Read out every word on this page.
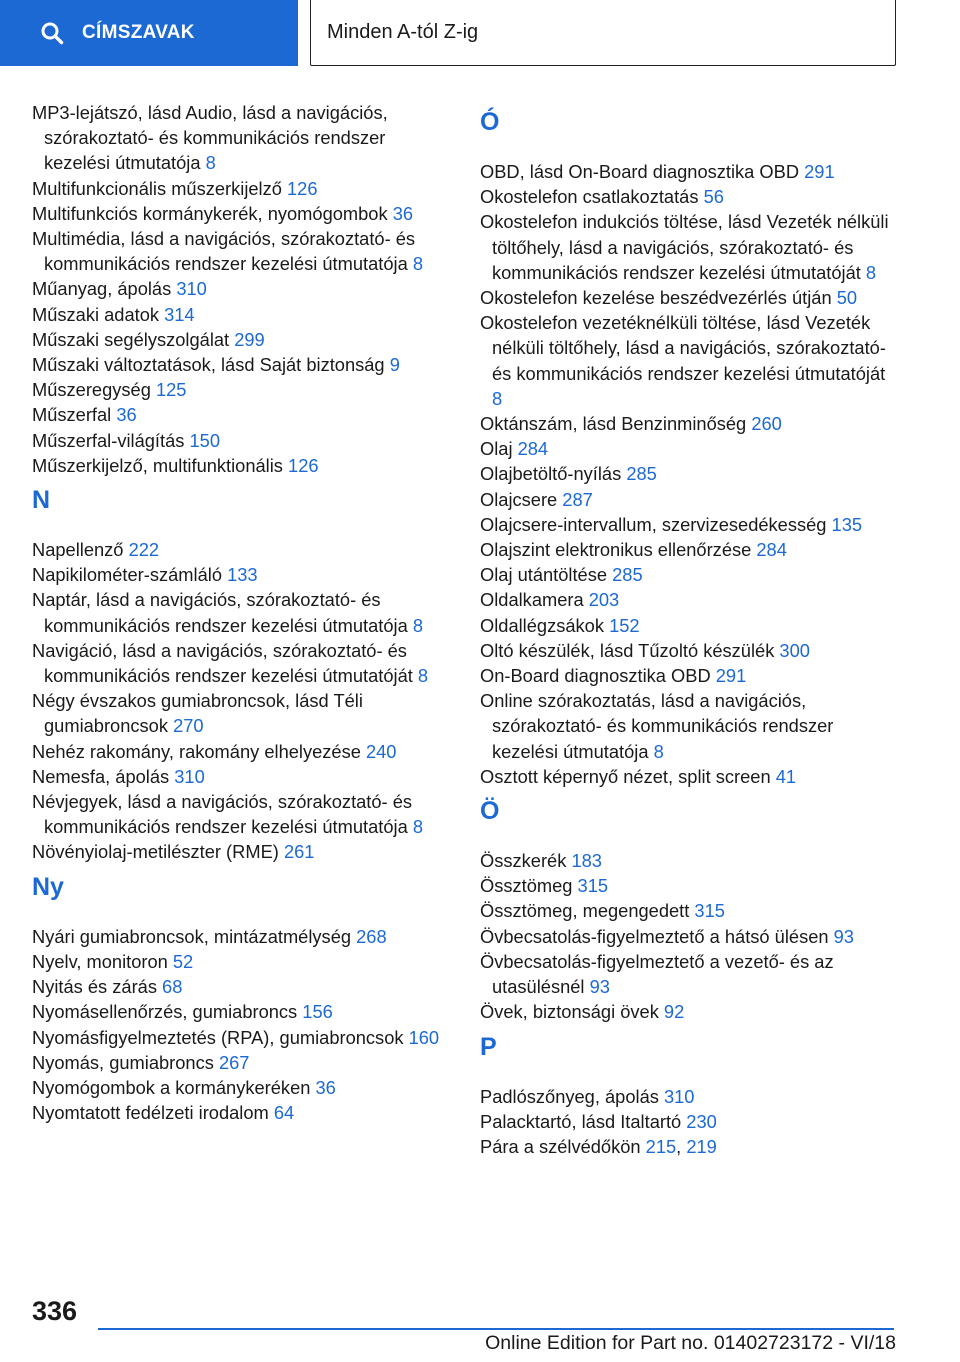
CÍMSZAVAK	Minden A-tól Z-ig
MP3-lejátszó, lásd Audio, lásd a navigációs, szórakoztató- és kommunikációs rendszer kezelési útmutatója 8
Multifunkcionális műszerkijelző 126
Multifunkciós kormánykerék, nyomógombok 36
Multimédia, lásd a navigációs, szórakoztató- és kommunikációs rendszer kezelési útmutatója 8
Műanyag, ápolás 310
Műszaki adatok 314
Műszaki segélyszolgálat 299
Műszaki változtatások, lásd Saját biztonság 9
Műszeregység 125
Műszerfal 36
Műszerfal-világítás 150
Műszerkijelző, multifunktionális 126
N
Napellenző 222
Napikilométer-számláló 133
Naptár, lásd a navigációs, szórakoztató- és kommunikációs rendszer kezelési útmutatója 8
Navigáció, lásd a navigációs, szórakoztató- és kommunikációs rendszer kezelési útmutatóját 8
Négy évszakos gumiabroncsok, lásd Téli gumiabroncsok 270
Nehéz rakomány, rakomány elhelyezése 240
Nemesfa, ápolás 310
Névjegyek, lásd a navigációs, szórakoztató- és kommunikációs rendszer kezelési útmutatója 8
Növényiolaj-metilészter (RME) 261
Ny
Nyári gumiabroncsok, mintázatmélység 268
Nyelv, monitoron 52
Nyitás és zárás 68
Nyomásellenőrzés, gumiabroncs 156
Nyomásfigyelmeztetés (RPA), gumiabroncsok 160
Nyomás, gumiabroncs 267
Nyomógombok a kormánykeréken 36
Nyomtatott fedélzeti irodalom 64
Ó
OBD, lásd On-Board diagnosztika OBD 291
Okostelefon csatlakoztatás 56
Okostelefon indukciós töltése, lásd Vezeték nélküli töltőhely, lásd a navigációs, szórakoztató- és kommunikációs rendszer kezelési útmutatóját 8
Okostelefon kezelése beszédvezérlés útján 50
Okostelefon vezetéknélküli töltése, lásd Vezeték nélküli töltőhely, lásd a navigációs, szórakoztató- és kommunikációs rendszer kezelési útmutatóját 8
Oktánszám, lásd Benzinminőség 260
Olaj 284
Olajbetöltő-nyílás 285
Olajcsere 287
Olajcsere-intervallum, szervizesedékesség 135
Olajszint elektronikus ellenőrzése 284
Olaj utántöltése 285
Oldalkamera 203
Oldallégzsákok 152
Oltó készülék, lásd Tűzoltó készülék 300
On-Board diagnosztika OBD 291
Online szórakoztatás, lásd a navigációs, szórakoztató- és kommunikációs rendszer kezelési útmutatója 8
Osztott képernyő nézet, split screen 41
Ö
Összkerék 183
Össztömeg 315
Össztömeg, megengedett 315
Övbecsatolás-figyelmeztető a hátsó ülésen 93
Övbecsatolás-figyelmeztető a vezető- és az utasülésnél 93
Övek, biztonsági övek 92
P
Padlószőnyeg, ápolás 310
Palacktartó, lásd Italtartó 230
Pára a szélvédőkön 215, 219
336
Online Edition for Part no. 01402723172 - VI/18
